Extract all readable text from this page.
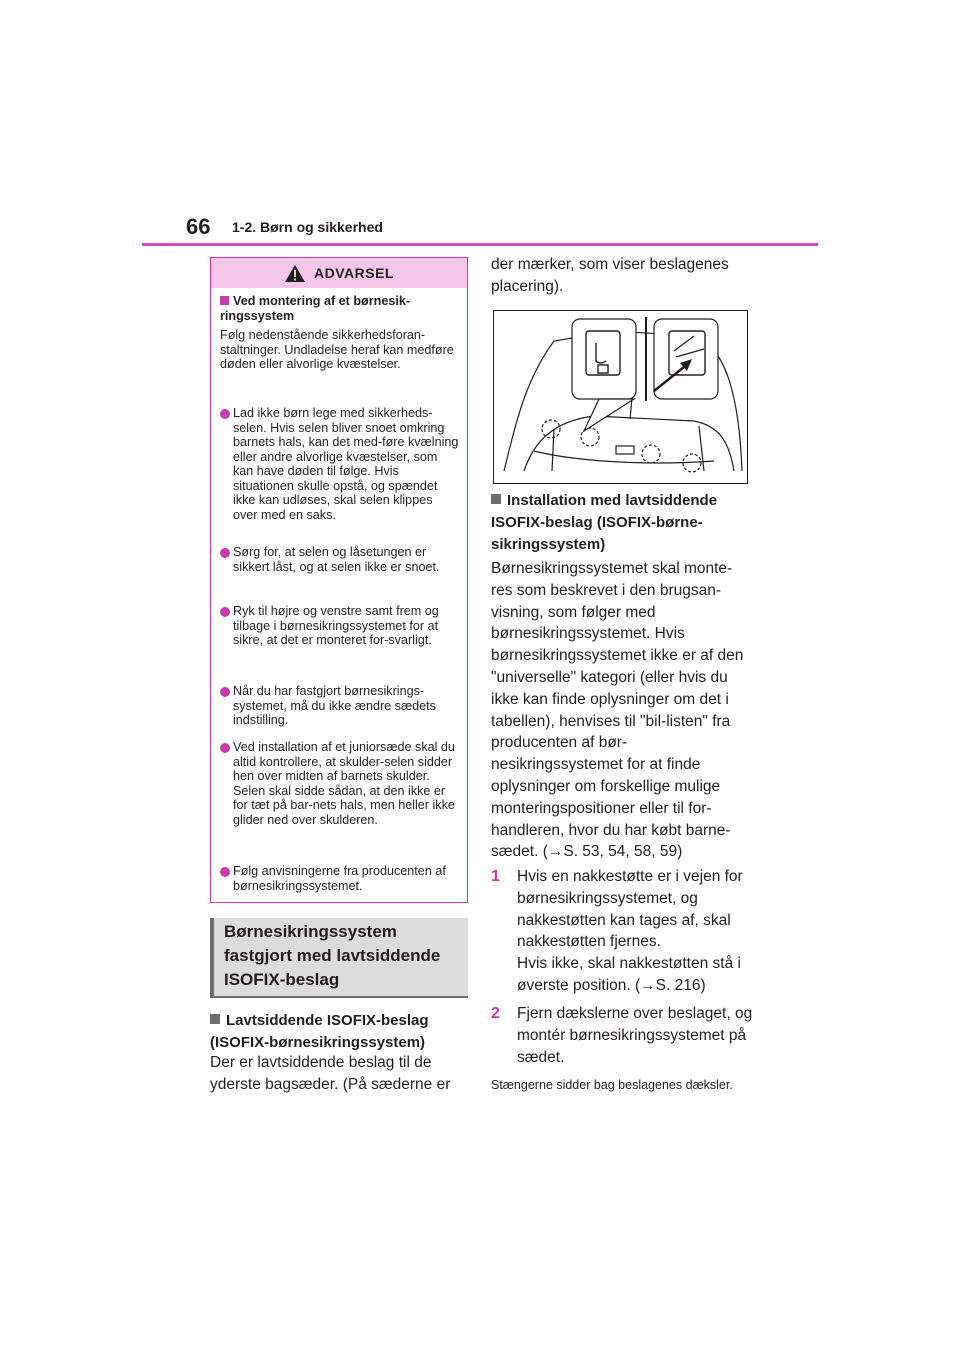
66 1-2. Børn og sikkerhed
ADVARSEL
Ved montering af et børnesik-ringssystem
Følg nedenstående sikkerhedsforan-staltninger. Undladelse heraf kan medføre døden eller alvorlige kvæstelser.
Lad ikke børn lege med sikkerheds-selen. Hvis selen bliver snoet omkring barnets hals, kan det med-føre kvælning eller andre alvorlige kvæstelser, som kan have døden til følge. Hvis situationen skulle opstå, og spændet ikke kan udløses, skal selen klippes over med en saks.
Sørg for, at selen og låsetungen er sikkert låst, og at selen ikke er snoet.
Ryk til højre og venstre samt frem og tilbage i børnesikringssystemet for at sikre, at det er monteret for-svarligt.
Når du har fastgjort børnesikrings-systemet, må du ikke ændre sædets indstilling.
Ved installation af et juniorsæde skal du altid kontrollere, at skulder-selen sidder hen over midten af barnets skulder. Selen skal sidde sådan, at den ikke er for tæt på bar-nets hals, men heller ikke glider ned over skulderen.
Følg anvisningerne fra producenten af børnesikringssystemet.
Børnesikringssystem fastgjort med lavtsiddende ISOFIX-beslag
Lavtsiddende ISOFIX-beslag (ISOFIX-børnesikringssystem)
Der er lavtsiddende beslag til de yderste bagsæder. (På sæderne er
der mærker, som viser beslagenes placering).
Installation med lavtsiddende ISOFIX-beslag (ISOFIX-børne-sikringssystem)
Børnesikringssystemet skal monte-res som beskrevet i den brugsan-visning, som følger med børnesikringssystemet. Hvis børnesikringssystemet ikke er af den "universelle" kategori (eller hvis du ikke kan finde oplysninger om det i tabellen), henvises til "bil-listen" fra producenten af bør-nesikringssystemet for at finde oplysninger om forskellige mulige monteringspositioner eller til for-handleren, hvor du har købt barne-sædet. (→S. 53, 54, 58, 59)
1	Hvis en nakkestøtte er i vejen for børnesikringssystemet, og nakkestøtten kan tages af, skal nakkestøtten fjernes.
Hvis ikke, skal nakkestøtten stå i øverste position. (→S. 216)
2	Fjern dækslerne over beslaget, og montér børnesikringssystemet på sædet.
Stængerne sidder bag beslagenes dæksler.
